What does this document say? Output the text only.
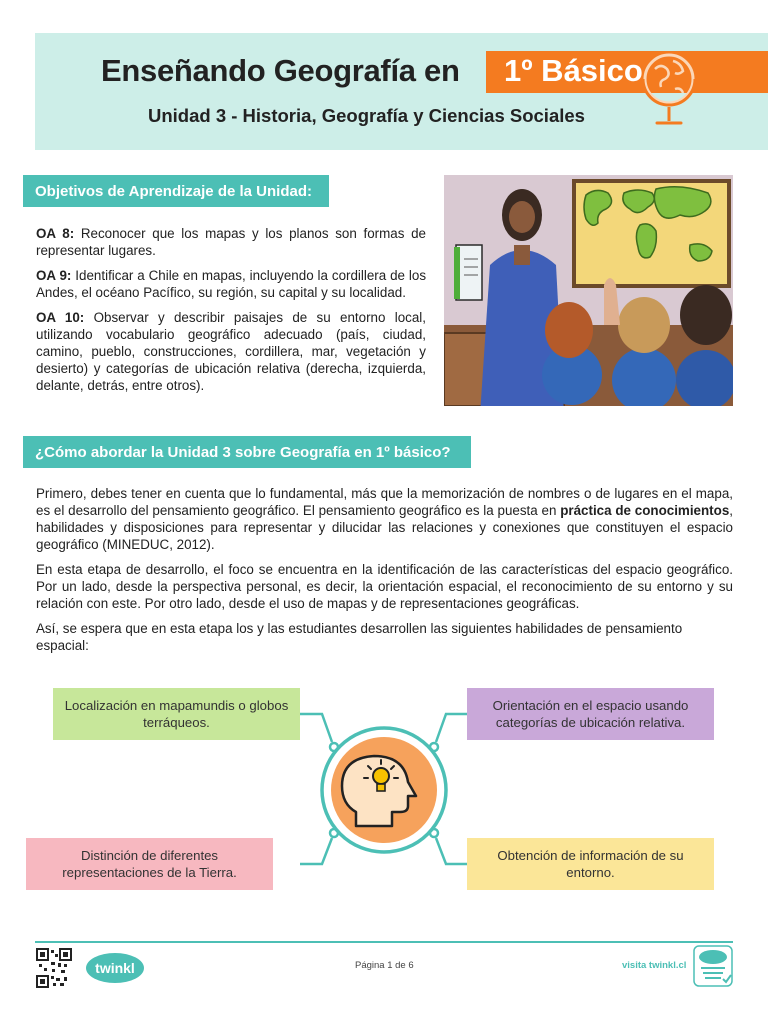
Enseñando Geografía en 1º Básico
Unidad 3 - Historia, Geografía y Ciencias Sociales
Objetivos de Aprendizaje de la Unidad:

OA 8: Reconocer que los mapas y los planos son formas de representar lugares.

OA 9: Identificar a Chile en mapas, incluyendo la cordillera de los Andes, el océano Pacífico, su región, su capital y su localidad.

OA 10: Observar y describir paisajes de su entorno local, utilizando vocabulario geográfico adecuado (país, ciudad, camino, pueblo, construcciones, cordillera, mar, vegetación y desierto) y categorías de ubicación relativa (derecha, izquierda, delante, detrás, entre otros).

¿Cómo abordar la Unidad 3 sobre Geografía en 1º básico?

Primero, debes tener en cuenta que lo fundamental, más que la memorización de nombres o de lugares en el mapa, es el desarrollo del pensamiento geográfico. El pensamiento geográfico es la puesta en práctica de conocimientos, habilidades y disposiciones para representar y dilucidar las relaciones y conexiones que constituyen el espacio geográfico (MINEDUC, 2012).

En esta etapa de desarrollo, el foco se encuentra en la identificación de las características del espacio geográfico. Por un lado, desde la perspectiva personal, es decir, la orientación espacial, el reconocimiento de su entorno y su relación con este. Por otro lado, desde el uso de mapas y de representaciones geográficas.

Así, se espera que en esta etapa los y las estudiantes desarrollen las siguientes habilidades de pensamiento espacial:

Localización en mapamundis o globos terráqueos.
Orientación en el espacio usando categorías de ubicación relativa.
Distinción de diferentes representaciones de la Tierra.
Obtención de información de su entorno.
twinkl	Página 1 de 6	visita twinkl.cl
